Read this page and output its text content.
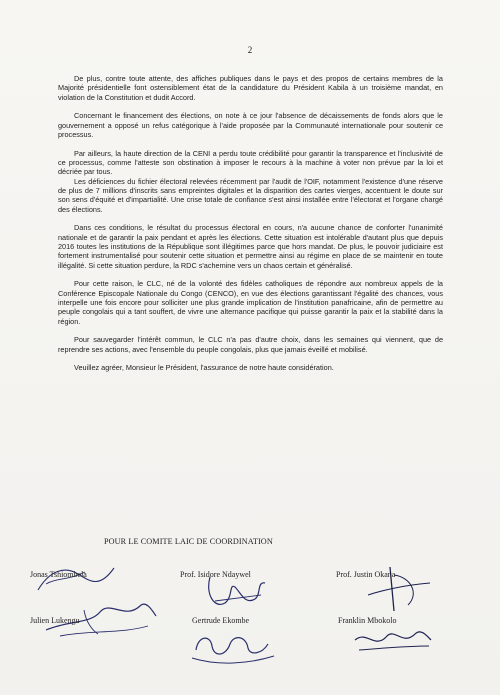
2

De plus, contre toute attente, des affiches publiques dans le pays et des propos de certains membres de la Majorité présidentielle font ostensiblement état de la candidature du Président Kabila à un troisième mandat, en violation de la Constitution et dudit Accord.

Concernant le financement des élections, on note à ce jour l'absence de décaissements de fonds alors que le gouvernement a opposé un refus catégorique à l'aide proposée par la Communauté internationale pour soutenir ce processus.

Par ailleurs, la haute direction de la CENI a perdu toute crédibilité pour garantir la transparence et l'inclusivité de ce processus, comme l'atteste son obstination à imposer le recours à la machine à voter non prévue par la loi et décriée par tous.

Les déficiences du fichier électoral relevées récemment par l'audit de l'OIF, notamment l'existence d'une réserve de plus de 7 millions d'inscrits sans empreintes digitales et la disparition des cartes vierges, accentuent le doute sur son sens d'équité et d'impartialité. Une crise totale de confiance s'est ainsi installée entre l'électorat et l'organe chargé des élections.

Dans ces conditions, le résultat du processus électoral en cours, n'a aucune chance de conforter l'unanimité nationale et de garantir la paix pendant et après les élections. Cette situation est intolérable d'autant plus que depuis 2016 toutes les institutions de la République sont illégitimes parce que hors mandat. De plus, le pouvoir judiciaire est fortement instrumentalisé pour soutenir cette situation et permettre ainsi au régime en place de se maintenir en toute illégalité. Si cette situation perdure, la RDC s'achemine vers un chaos certain et généralisé.

Pour cette raison, le CLC, né de la volonté des fidèles catholiques de répondre aux nombreux appels de la Conférence Episcopale Nationale du Congo (CENCO), en vue des élections garantissant l'égalité des chances, vous interpelle une fois encore pour solliciter une plus grande implication de l'institution panafricaine, afin de permettre au peuple congolais qui a tant souffert, de vivre une alternance pacifique qui puisse garantir la paix et la stabilité dans la région.

Pour sauvegarder l'intérêt commun, le CLC n'a pas d'autre choix, dans les semaines qui viennent, que de reprendre ses actions, avec l'ensemble du peuple congolais, plus que jamais éveillé et mobilisé.

Veuillez agréer, Monsieur le Président, l'assurance de notre haute considération.

POUR LE COMITE LAIC DE COORDINATION
Jonas Tshiombela	Prof. Isidore Ndaywel	Prof. Justin Okana
Julien Lukengu	Gertrude Ekombe	Franklin Mbokolo
